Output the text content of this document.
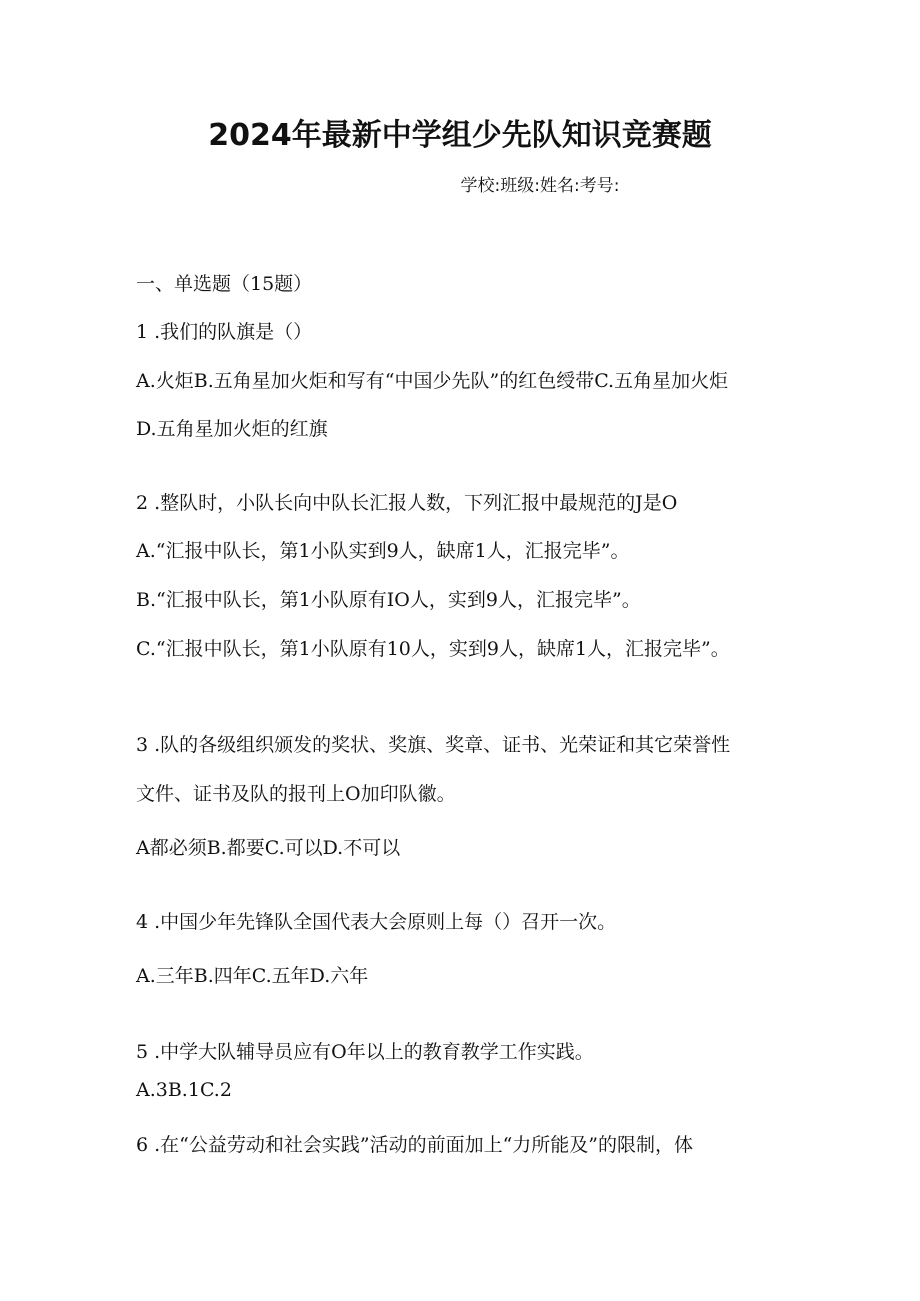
2024年最新中学组少先队知识竞赛题
学校:班级:姓名:考号:
一、单选题（15题）
1 .我们的队旗是（）
A.火炬B.五角星加火炬和写有“中国少先队”的红色绶带C.五角星加火炬
D.五角星加火炬的红旗
2 .整队时，小队长向中队长汇报人数，下列汇报中最规范的J是O
A.“汇报中队长，第1小队实到9人，缺席1人，汇报完毕”。
B.“汇报中队长，第1小队原有IO人，实到9人，汇报完毕”。
C.“汇报中队长，第1小队原有10人，实到9人，缺席1人，汇报完毕”。
3 .队的各级组织颁发的奖状、奖旗、奖章、证书、光荣证和其它荣誉性
文件、证书及队的报刊上O加印队徽。
A都必须B.都要C.可以D.不可以
4 .中国少年先锋队全国代表大会原则上每（）召开一次。
A.三年B.四年C.五年D.六年
5 .中学大队辅导员应有O年以上的教育教学工作实践。
A.3B.1C.2
6 .在“公益劳动和社会实践”活动的前面加上“力所能及”的限制，体
